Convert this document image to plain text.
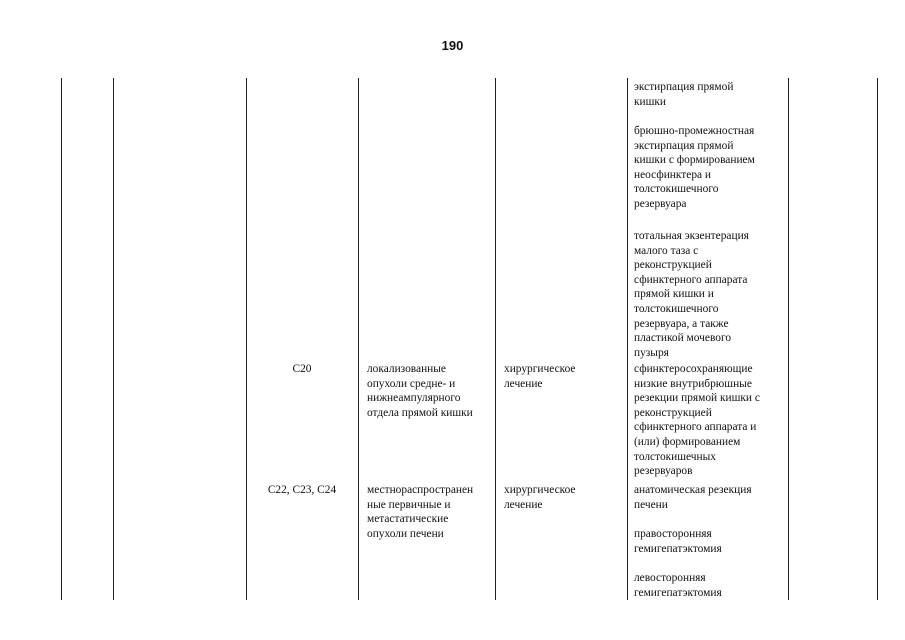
190
C20	локализованные
опухоли средне- и
нижнеампулярного
отдела прямой кишки
хирургическое
лечение
C22, C23, C24	местнораспространен
ные первичные и
метастатические
опухоли печени
хирургическое
лечение
экстирпация прямой
кишки
брюшно-промежностная
экстирпация прямой
кишки с формированием
неосфинктера и
толстокишечного
резервуара
тотальная экзентерация
малого таза с
реконструкцией
сфинктерного аппарата
прямой кишки и
толстокишечного
резервуара, а также
пластикой мочевого
пузыря
сфинктеросохраняющие
низкие внутрибрюшные
резекции прямой кишки с
реконструкцией
сфинктерного аппарата и
(или) формированием
толстокишечных
резервуаров
анатомическая резекция
печени
правосторонняя
гемигепатэктомия
левосторонняя
гемигепатэктомия
